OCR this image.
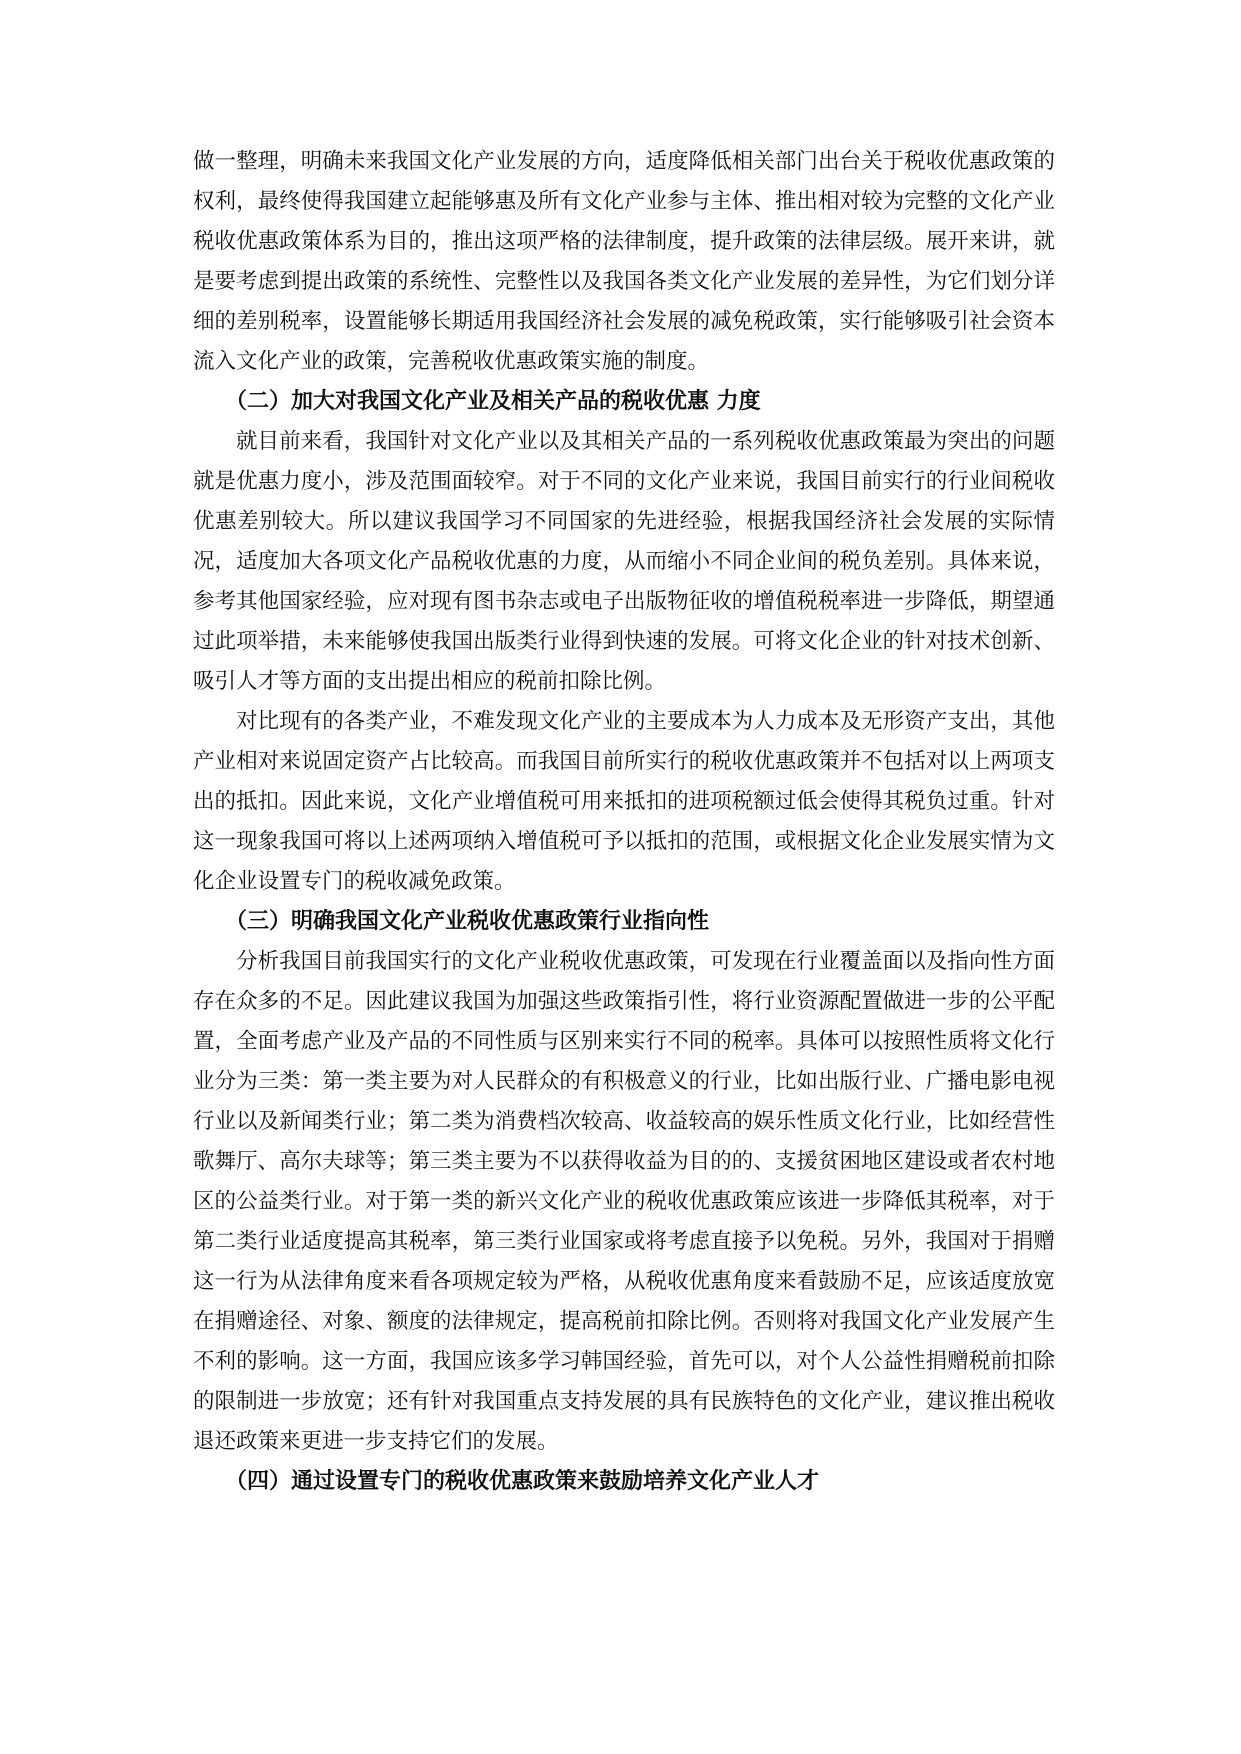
做一整理，明确未来我国文化产业发展的方向，适度降低相关部门出台关于税收优惠政策的权利，最终使得我国建立起能够惠及所有文化产业参与主体、推出相对较为完整的文化产业税收优惠政策体系为目的，推出这项严格的法律制度，提升政策的法律层级。展开来讲，就是要考虑到提出政策的系统性、完整性以及我国各类文化产业发展的差异性，为它们划分详细的差别税率，设置能够长期适用我国经济社会发展的减免税政策，实行能够吸引社会资本流入文化产业的政策，完善税收优惠政策实施的制度。

（二）加大对我国文化产业及相关产品的税收优惠 力度

就目前来看，我国针对文化产业以及其相关产品的一系列税收优惠政策最为突出的问题就是优惠力度小，涉及范围面较窄。对于不同的文化产业来说，我国目前实行的行业间税收优惠差别较大。所以建议我国学习不同国家的先进经验，根据我国经济社会发展的实际情况，适度加大各项文化产品税收优惠的力度，从而缩小不同企业间的税负差别。具体来说，参考其他国家经验，应对现有图书杂志或电子出版物征收的增值税税率进一步降低，期望通过此项举措，未来能够使我国出版类行业得到快速的发展。可将文化企业的针对技术创新、吸引人才等方面的支出提出相应的税前扣除比例。

对比现有的各类产业，不难发现文化产业的主要成本为人力成本及无形资产支出，其他产业相对来说固定资产占比较高。而我国目前所实行的税收优惠政策并不包括对以上两项支出的抵扣。因此来说，文化产业增值税可用来抵扣的进项税额过低会使得其税负过重。针对这一现象我国可将以上述两项纳入增值税可予以抵扣的范围，或根据文化企业发展实情为文化企业设置专门的税收减免政策。

（三）明确我国文化产业税收优惠政策行业指向性

分析我国目前我国实行的文化产业税收优惠政策，可发现在行业覆盖面以及指向性方面存在众多的不足。因此建议我国为加强这些政策指引性，将行业资源配置做进一步的公平配置，全面考虑产业及产品的不同性质与区别来实行不同的税率。具体可以按照性质将文化行业分为三类：第一类主要为对人民群众的有积极意义的行业，比如出版行业、广播电影电视行业以及新闻类行业；第二类为消费档次较高、收益较高的娱乐性质文化行业，比如经营性歌舞厅、高尔夫球等；第三类主要为不以获得收益为目的的、支援贫困地区建设或者农村地区的公益类行业。对于第一类的新兴文化产业的税收优惠政策应该进一步降低其税率，对于第二类行业适度提高其税率，第三类行业国家或将考虑直接予以免税。另外，我国对于捐赠这一行为从法律角度来看各项规定较为严格，从税收优惠角度来看鼓励不足，应该适度放宽在捐赠途径、对象、额度的法律规定，提高税前扣除比例。否则将对我国文化产业发展产生不利的影响。这一方面，我国应该多学习韩国经验，首先可以，对个人公益性捐赠税前扣除的限制进一步放宽；还有针对我国重点支持发展的具有民族特色的文化产业，建议推出税收退还政策来更进一步支持它们的发展。

（四）通过设置专门的税收优惠政策来鼓励培养文化产业人才
